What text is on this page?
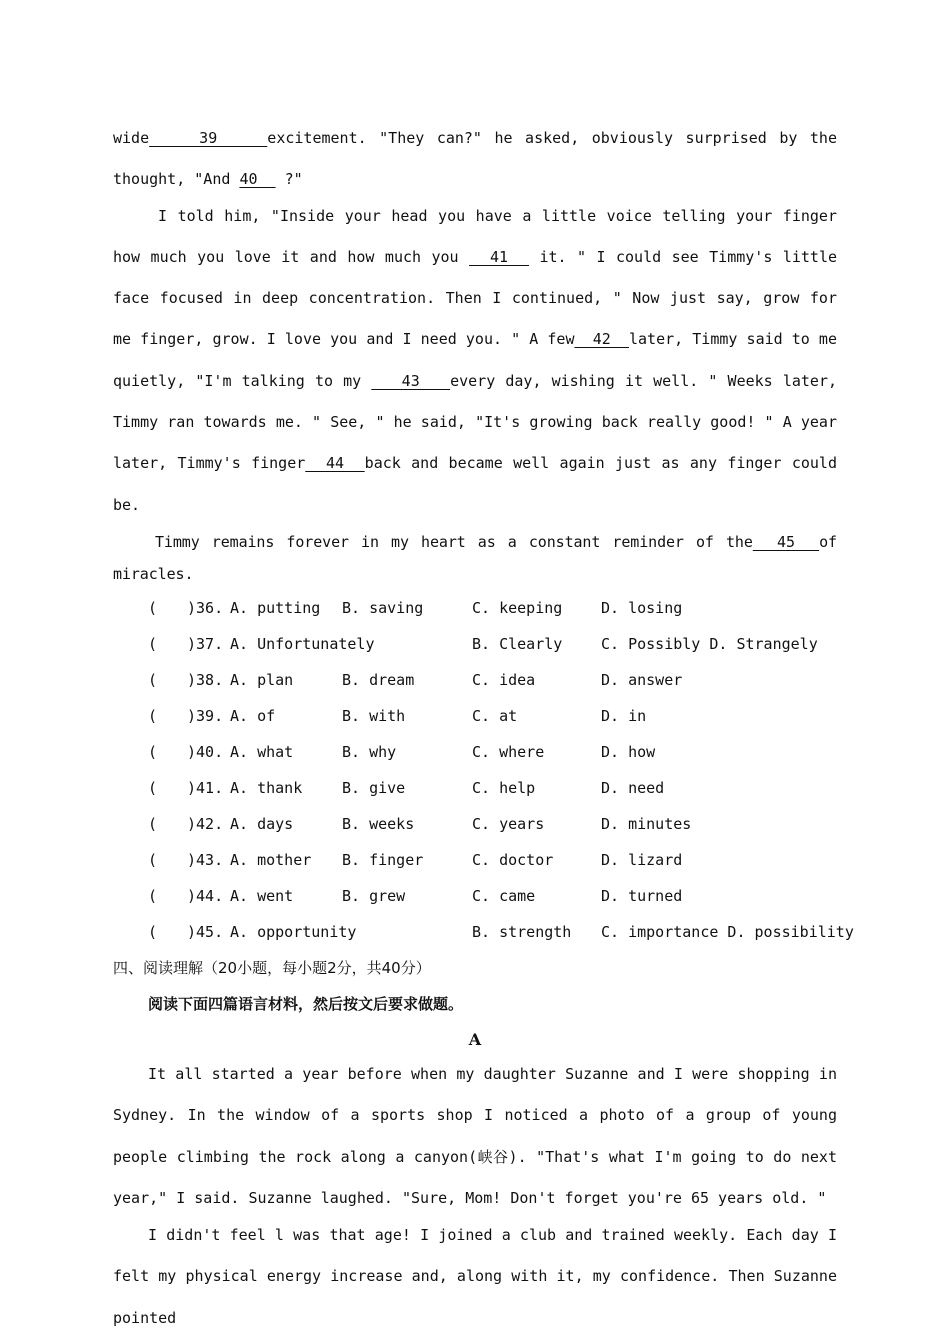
wide    39    excitement. "They can?" he asked, obviously surprised by the thought, "And 40   ?"

I told him, "Inside your head you have a little voice telling your finger how much you love it and how much you   41   it. " I could see Timmy's little face focused in deep concentration. Then I continued, " Now just say, grow for me finger, grow. I love you and I need you. " A few  42  later, Timmy said to me quietly, "I'm talking to my    43   every day, wishing it well. " Weeks later, Timmy ran towards me. " See, " he said, "It's growing back really good! " A year later, Timmy's finger  44  back and became well again just as any finger could be.

Timmy remains forever in my heart as a constant reminder of the  45  of miracles.

( )36. A. putting B. saving	C. keeping	D. losing
( )37. A. Unfortunately	B. Clearly	C. Possibly D. Strangely
( )38. A. plan	B. dream	C. idea	D. answer
( )39. A. of	B. with	C. at	D. in
( )40. A. what	B. why	C. where	D. how
( )41. A. thank	B. give	C. help	D. need
( )42. A. days	B. weeks	C. years	D. minutes
( )43. A. mother B. finger	C. doctor	D. lizard
( )44. A. went	B. grew	C. came	D. turned
( )45. A. opportunity	B. strength C. importance D. possibility

四、阅读理解（20小题，每小题2分，共40分）

阅读下面四篇语言材料，然后按文后要求做题。

A

It all started a year before when my daughter Suzanne and I were shopping in Sydney. In the window of a sports shop I noticed a photo of a group of young people climbing the rock along a canyon(峡谷). "That's what I'm going to do next year," I said. Suzanne laughed. "Sure, Mom! Don't forget you're 65 years old. "

I didn't feel l was that age! I joined a club and trained weekly. Each day I felt my physical energy increase and, along with it, my confidence. Then Suzanne pointed
